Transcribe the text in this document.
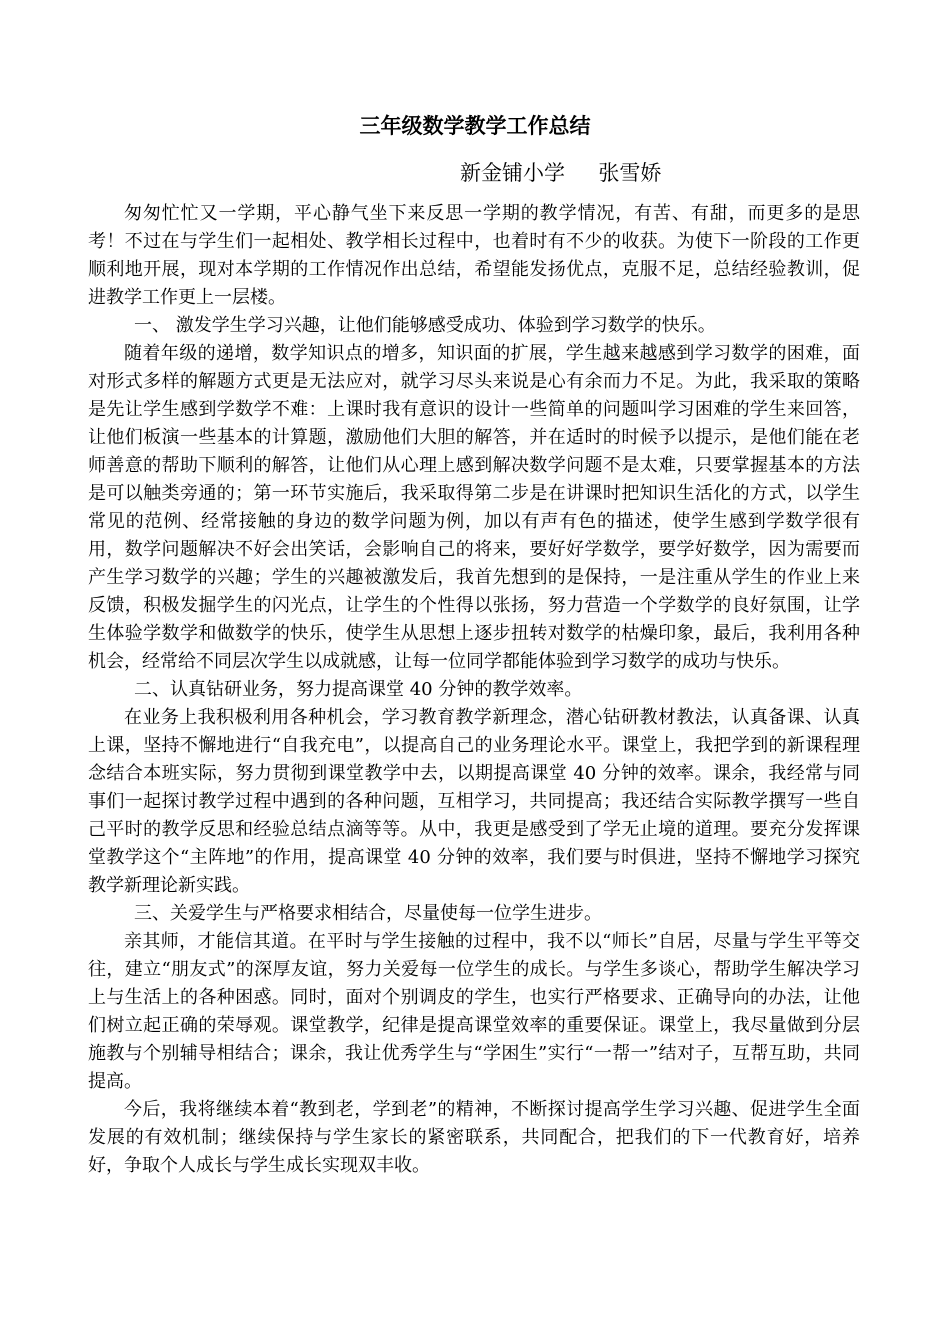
三年级数学教学工作总结
新金铺小学     张雪娇

匆匆忙忙又一学期，平心静气坐下来反思一学期的教学情况，有苦、有甜，而更多的是思考！不过在与学生们一起相处、教学相长过程中，也着时有不少的收获。为使下一阶段的工作更顺利地开展，现对本学期的工作情况作出总结，希望能发扬优点，克服不足，总结经验教训，促进教学工作更上一层楼。

一、 激发学生学习兴趣，让他们能够感受成功、体验到学习数学的快乐。

随着年级的递增，数学知识点的增多，知识面的扩展，学生越来越感到学习数学的困难，面对形式多样的解题方式更是无法应对，就学习尽头来说是心有余而力不足。为此，我采取的策略是先让学生感到学数学不难：上课时我有意识的设计一些简单的问题叫学习困难的学生来回答，让他们板演一些基本的计算题，激励他们大胆的解答，并在适时的时候予以提示，是他们能在老师善意的帮助下顺利的解答，让他们从心理上感到解决数学问题不是太难，只要掌握基本的方法是可以触类旁通的；第一环节实施后，我采取得第二步是在讲课时把知识生活化的方式，以学生常见的范例、经常接触的身边的数学问题为例，加以有声有色的描述，使学生感到学数学很有用，数学问题解决不好会出笑话，会影响自己的将来，要好好学数学，要学好数学，因为需要而产生学习数学的兴趣；学生的兴趣被激发后，我首先想到的是保持，一是注重从学生的作业上来反馈，积极发掘学生的闪光点，让学生的个性得以张扬，努力营造一个学数学的良好氛围，让学生体验学数学和做数学的快乐，使学生从思想上逐步扭转对数学的枯燥印象，最后，我利用各种机会，经常给不同层次学生以成就感，让每一位同学都能体验到学习数学的成功与快乐。

二、认真钻研业务，努力提高课堂 40 分钟的教学效率。

在业务上我积极利用各种机会，学习教育教学新理念，潜心钻研教材教法，认真备课、认真上课，坚持不懈地进行“自我充电”，以提高自己的业务理论水平。课堂上，我把学到的新课程理念结合本班实际，努力贯彻到课堂教学中去，以期提高课堂 40 分钟的效率。课余，我经常与同事们一起探讨教学过程中遇到的各种问题，互相学习，共同提高；我还结合实际教学撰写一些自己平时的教学反思和经验总结点滴等等。从中，我更是感受到了学无止境的道理。要充分发挥课堂教学这个“主阵地”的作用，提高课堂 40 分钟的效率，我们要与时俱进，坚持不懈地学习探究教学新理论新实践。

三、关爱学生与严格要求相结合，尽量使每一位学生进步。

亲其师，才能信其道。在平时与学生接触的过程中，我不以“师长”自居，尽量与学生平等交往，建立“朋友式”的深厚友谊，努力关爱每一位学生的成长。与学生多谈心，帮助学生解决学习上与生活上的各种困惑。同时，面对个别调皮的学生，也实行严格要求、正确导向的办法，让他们树立起正确的荣辱观。课堂教学，纪律是提高课堂效率的重要保证。课堂上，我尽量做到分层施教与个别辅导相结合；课余，我让优秀学生与“学困生”实行“一帮一”结对子，互帮互助，共同提高。

今后，我将继续本着“教到老，学到老”的精神，不断探讨提高学生学习兴趣、促进学生全面发展的有效机制；继续保持与学生家长的紧密联系，共同配合，把我们的下一代教育好，培养好，争取个人成长与学生成长实现双丰收。
